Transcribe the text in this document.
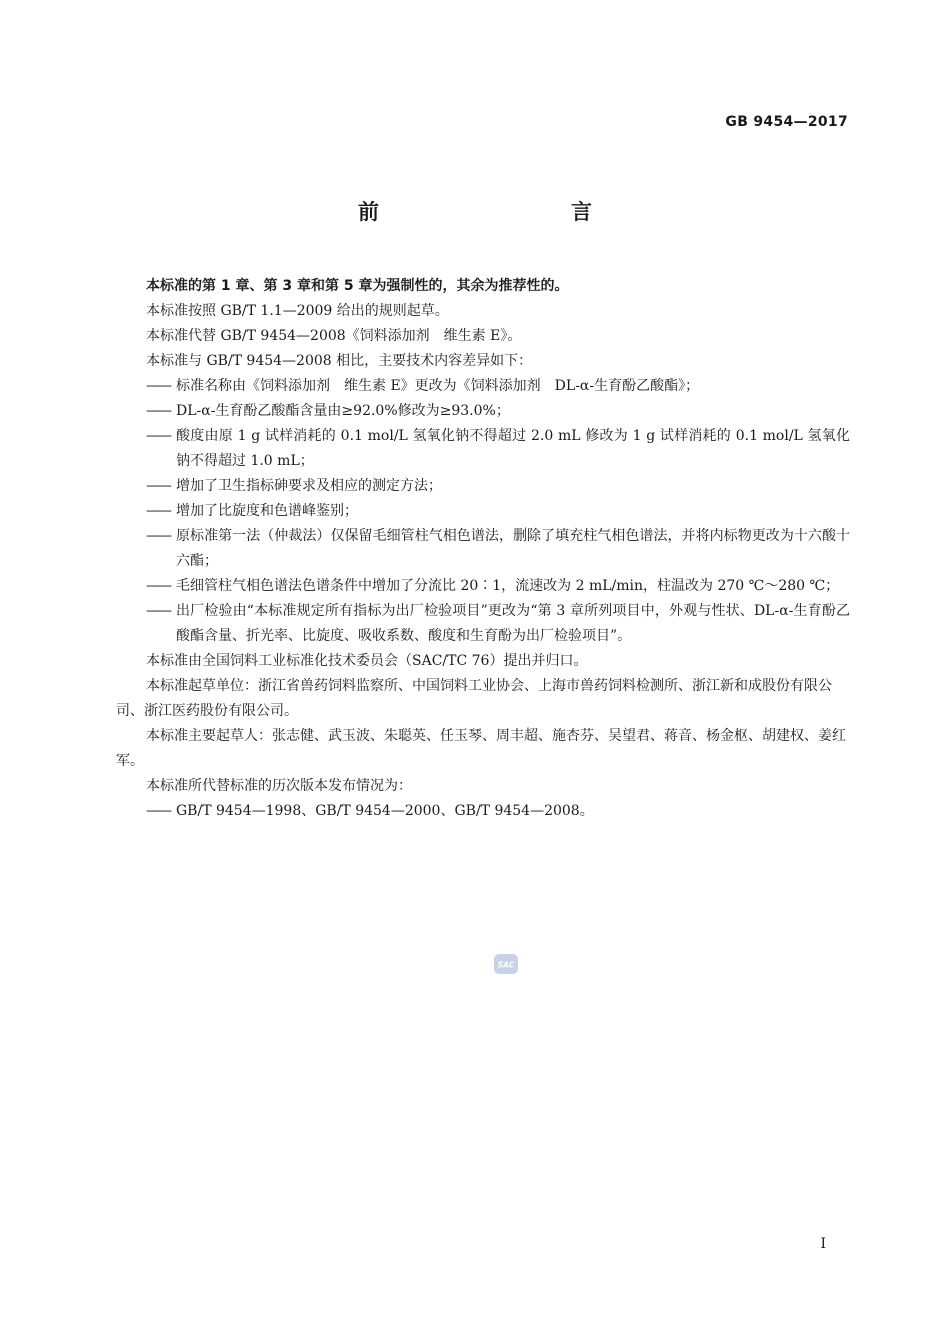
GB 9454—2017
前　　言

本标准的第 1 章、第 3 章和第 5 章为强制性的，其余为推荐性的。

本标准按照 GB/T 1.1—2009 给出的规则起草。

本标准代替 GB/T 9454—2008《饲料添加剂　维生素 E》。

本标准与 GB/T 9454—2008 相比，主要技术内容差异如下：

—— 标准名称由《饲料添加剂　维生素 E》更改为《饲料添加剂　DL-α-生育酚乙酸酯》；
—— DL-α-生育酚乙酸酯含量由≥92.0%修改为≥93.0%；
—— 酸度由原 1 g 试样消耗的 0.1 mol/L 氢氧化钠不得超过 2.0 mL 修改为 1 g 试样消耗的 0.1 mol/L 氢氧化钠不得超过 1.0 mL；
—— 增加了卫生指标砷要求及相应的测定方法；
—— 增加了比旋度和色谱峰鉴别；
—— 原标准第一法（仲裁法）仅保留毛细管柱气相色谱法，删除了填充柱气相色谱法，并将内标物更改为十六酸十六酯；
—— 毛细管柱气相色谱法色谱条件中增加了分流比 20∶1，流速改为 2 mL/min，柱温改为 270 ℃～280 ℃；
—— 出厂检验由“本标准规定所有指标为出厂检验项目”更改为“第 3 章所列项目中，外观与性状、DL-α-生育酚乙酸酯含量、折光率、比旋度、吸收系数、酸度和生育酚为出厂检验项目”。

本标准由全国饲料工业标准化技术委员会（SAC/TC 76）提出并归口。

本标准起草单位：浙江省兽药饲料监察所、中国饲料工业协会、上海市兽药饲料检测所、浙江新和成股份有限公司、浙江医药股份有限公司。

本标准主要起草人：张志健、武玉波、朱聪英、任玉琴、周丰超、施杏芬、吴望君、蒋音、杨金枢、胡建权、姜红军。

本标准所代替标准的历次版本发布情况为：

—— GB/T 9454—1998、GB/T 9454—2000、GB/T 9454—2008。
SAC
I
